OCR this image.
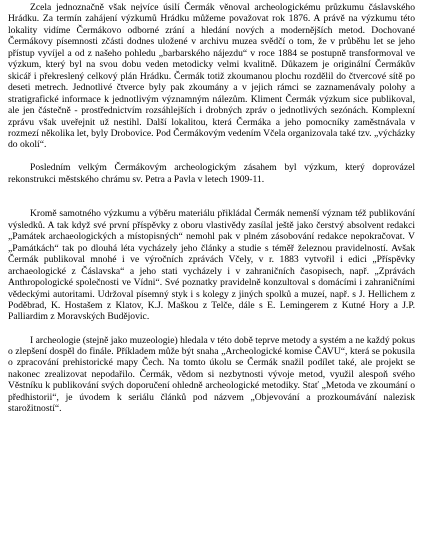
Zcela jednoznačně však nejvíce úsilí Čermák věnoval archeologickému průzkumu čáslavského Hrádku. Za termín zahájení výzkumů Hrádku můžeme považovat rok 1876. A právě na výzkumu této lokality vidíme Čermákovo odborné zrání a hledání nových a modernějších metod. Dochované Čermákovy písemnosti zčásti dodnes uložené v archivu muzea svědčí o tom, že v průběhu let se jeho přístup vyvíjel a od z našeho pohledu „barbarského nájezdu“ v roce 1884 se postupně transformoval ve výzkum, který byl na svou dobu veden metodicky velmi kvalitně. Důkazem je originální Čermákův skicář i překreslený celkový plán Hrádku. Čermák totiž zkoumanou plochu rozdělil do čtvercové sítě po deseti metrech. Jednotlivé čtverce byly pak zkoumány a v jejich rámci se zaznamenávaly polohy a stratigrafické informace k jednotlivým významným nálezům. Kliment Čermák výzkum sice publikoval, ale jen částečně - prostřednictvím rozsáhlejších i drobných zpráv o jednotlivých sezónách. Komplexní zprávu však uveřejnit už nestihl. Další lokalitou, která Čermáka a jeho pomocníky zaměstnávala v rozmezí několika let, byly Drobovice. Pod Čermákovým vedením Včela organizovala také tzv. „výcházky do okolí“.

Posledním velkým Čermákovým archeologickým zásahem byl výzkum, který doprovázel rekonstrukci městského chrámu sv. Petra a Pavla v letech 1909-11.

Kromě samotného výzkumu a výběru materiálu přikládal Čermák nemenší význam též publikování výsledků. A tak když své první příspěvky z oboru vlastivědy zasílal ještě jako čerstvý absolvent redakci „Památek archaeologických a místopisných“ nemohl pak v plném zásobování redakce nepokračovat. V „Památkách“ tak po dlouhá léta vycházely jeho články a studie s téměř železnou pravidelností. Avšak Čermák publikoval mnohé i ve výročních zprávách Včely, v r. 1883 vytvořil i edici „Příspěvky archaeologické z Čáslavska“ a jeho stati vycházely i v zahraničních časopisech, např. „Zprávách Anthropologické společnosti ve Vídni“. Své poznatky pravidelně konzultoval s domácími i zahraničními vědeckými autoritami. Udržoval písemný styk i s kolegy z jiných spolků a muzeí, např. s J. Hellichem z Poděbrad, K. Hostašem z Klatov, K.J. Maškou z Telče, dále s E. Lemingerem z Kutné Hory a J.P. Palliardim z Moravských Budějovic.

I archeologie (stejně jako muzeologie) hledala v této době teprve metody a systém a ne každý pokus o zlepšení dospěl do finále. Příkladem může být snaha „Archeologické komise ČAVU“, která se pokusila o zpracování prehistorické mapy Čech. Na tomto úkolu se Čermák snažil podílet také, ale projekt se nakonec zrealizovat nepodařilo. Čermák, vědom si nezbytnosti vývoje metod, využil alespoň svého Věstníku k publikování svých doporučení ohledně archeologické metodiky. Stať „Metoda ve zkoumání o předhistorii“, je úvodem k seriálu článků pod názvem „Objevování a prozkoumávání nalezisk starožitností“.
